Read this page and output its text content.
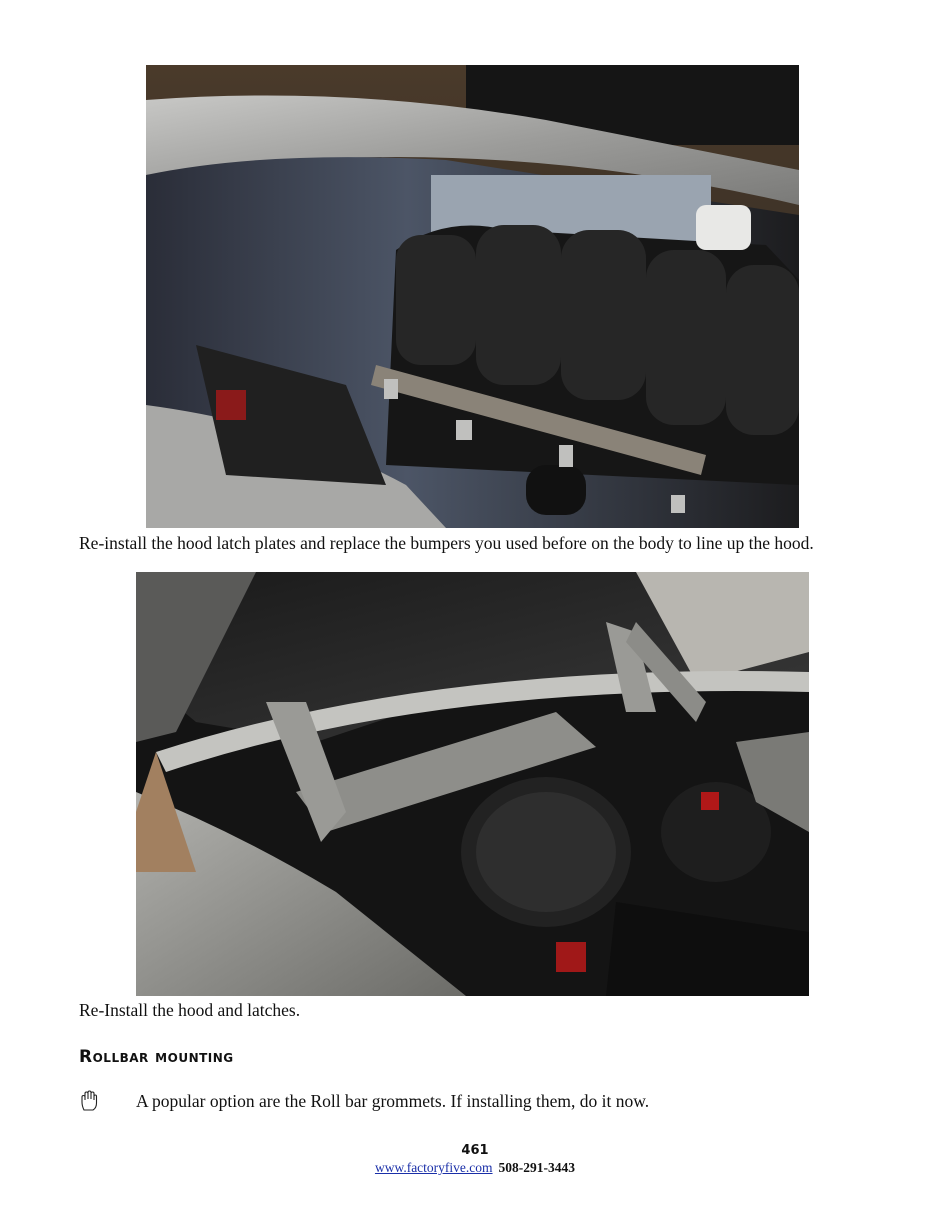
Re-install the hood latch plates and replace the bumpers you used before on the body to line up the hood.
Re-Install the hood and latches.
Rollbar mounting
A popular option are the Roll bar grommets. If installing them, do it now.
461
www.factoryfive.com 508-291-3443
